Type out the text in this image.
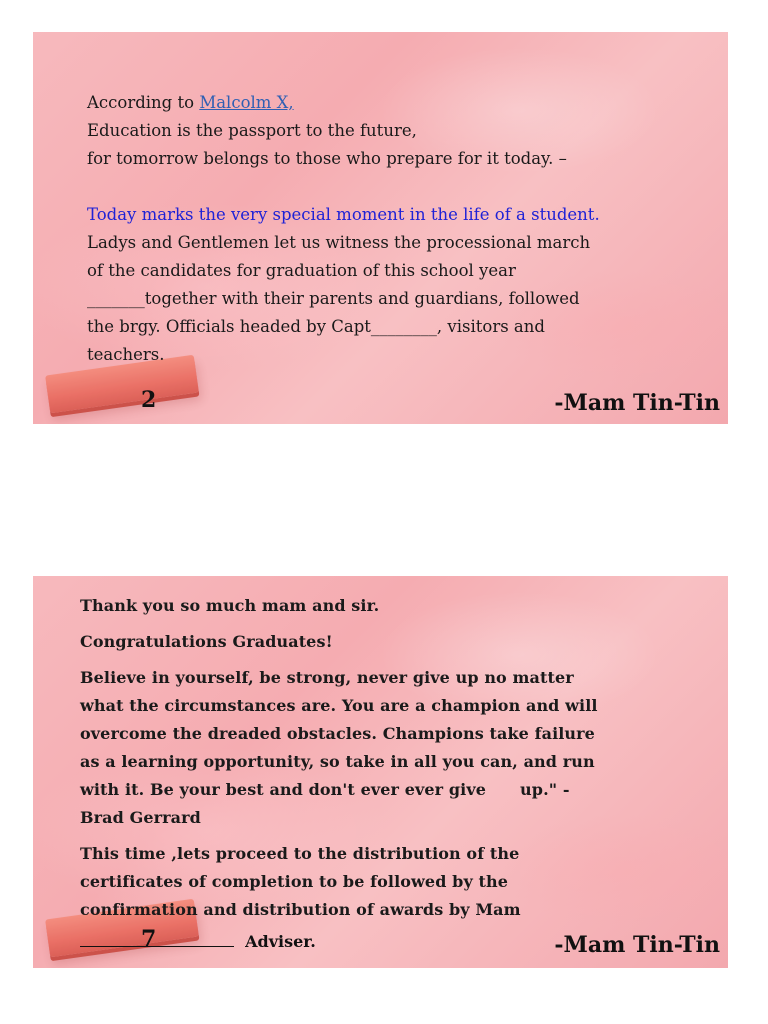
According to Malcolm X,
Education is the passport to the future,
for tomorrow belongs to those who prepare for it today. –
Today marks the very special moment in the life of a student.
Ladys and Gentlemen let us witness the processional march
of the candidates for graduation of this school year
_______together with their parents and guardians, followed
the brgy. Officials headed by Capt________, visitors and
teachers.
2	-Mam Tin-Tin

Thank you so much mam and sir.

Congratulations Graduates!

Believe in yourself, be strong, never give up no matter
what the circumstances are. You are a champion and will
overcome the dreaded obstacles. Champions take failure
as a learning opportunity, so take in all you can, and run
with it. Be your best and don't ever ever give      up." -
Brad Gerrard

This time ,lets proceed to the distribution of the
certificates of completion to be followed by the
confirmation and distribution of awards by Mam

Adviser.
7	-Mam Tin-Tin
